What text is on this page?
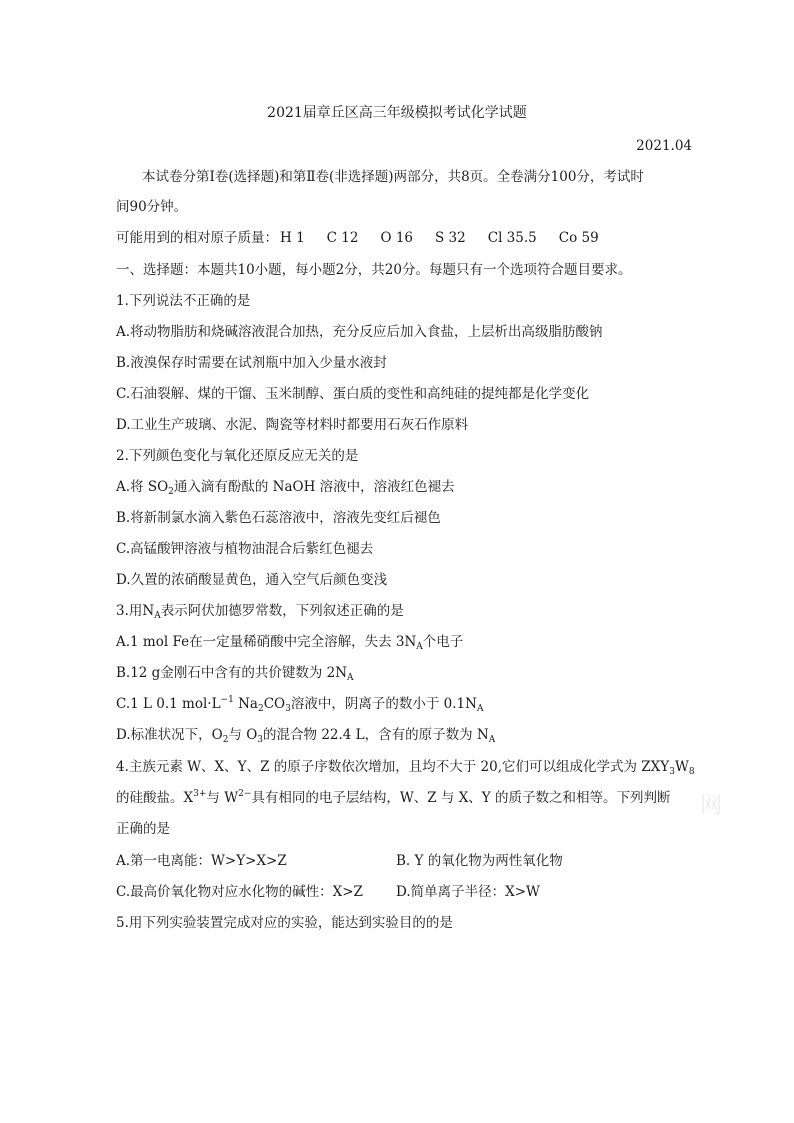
2021届章丘区高三年级模拟考试化学试题
2021.04
本试卷分第Ⅰ卷(选择题)和第Ⅱ卷(非选择题)两部分，共8页。全卷满分100分，考试时
间90分钟。
可能用到的相对原子质量： H 1 C 12 O 16 S 32 Cl 35.5 Co 59
一、选择题：本题共10小题，每小题2分，共20分。每题只有一个选项符合题目要求。
1.下列说法不正确的是
A.将动物脂肪和烧碱溶液混合加热，充分反应后加入食盐，上层析出高级脂肪酸钠
B.液溴保存时需要在试剂瓶中加入少量水液封
C.石油裂解、煤的干馏、玉米制醇、蛋白质的变性和高纯硅的提纯都是化学变化
D.工业生产玻璃、水泥、陶瓷等材料时都要用石灰石作原料
2.下列颜色变化与氧化还原反应无关的是
A.将 $SO_2$通入滴有酚酞的 NaOH 溶液中，溶液红色褪去
B.将新制氯水滴入紫色石蕊溶液中，溶液先变红后褪色
C.高锰酸钾溶液与植物油混合后紫红色褪去
D.久置的浓硝酸显黄色，通入空气后颜色变浅
3.用$N_A$表示阿伏加德罗常数，下列叙述正确的是
A.1 mol Fe在一定量稀硝酸中完全溶解，失去 $3N_A$个电子
B.12 g金刚石中含有的共价键数为 $2N_A$
C.1 L 0.1 $mol\cdot L^{-1}$ $Na_2CO_3$溶液中，阴离子的数小于 $0.1N_A$
D.标准状况下，$O_2$与 $O_3$的混合物 22.4 L，含有的原子数为 $N_A$
4.主族元素 W、X、Y、Z 的原子序数依次增加，且均不大于 20,它们可以组成化学式为 $ZXY_3W_8$
的硅酸盐。$X^{3+}$与 $W^{2-}$具有相同的电子层结构，W、Z 与 X、Y 的质子数之和相等。下列判断
正确的是
A.第一电离能：W>Y>X>Z	B. Y 的氧化物为两性氧化物
C.最高价氧化物对应水化物的碱性：X>Z D.简单离子半径：X>W
5.用下列实验装置完成对应的实验，能达到实验目的的是
网
